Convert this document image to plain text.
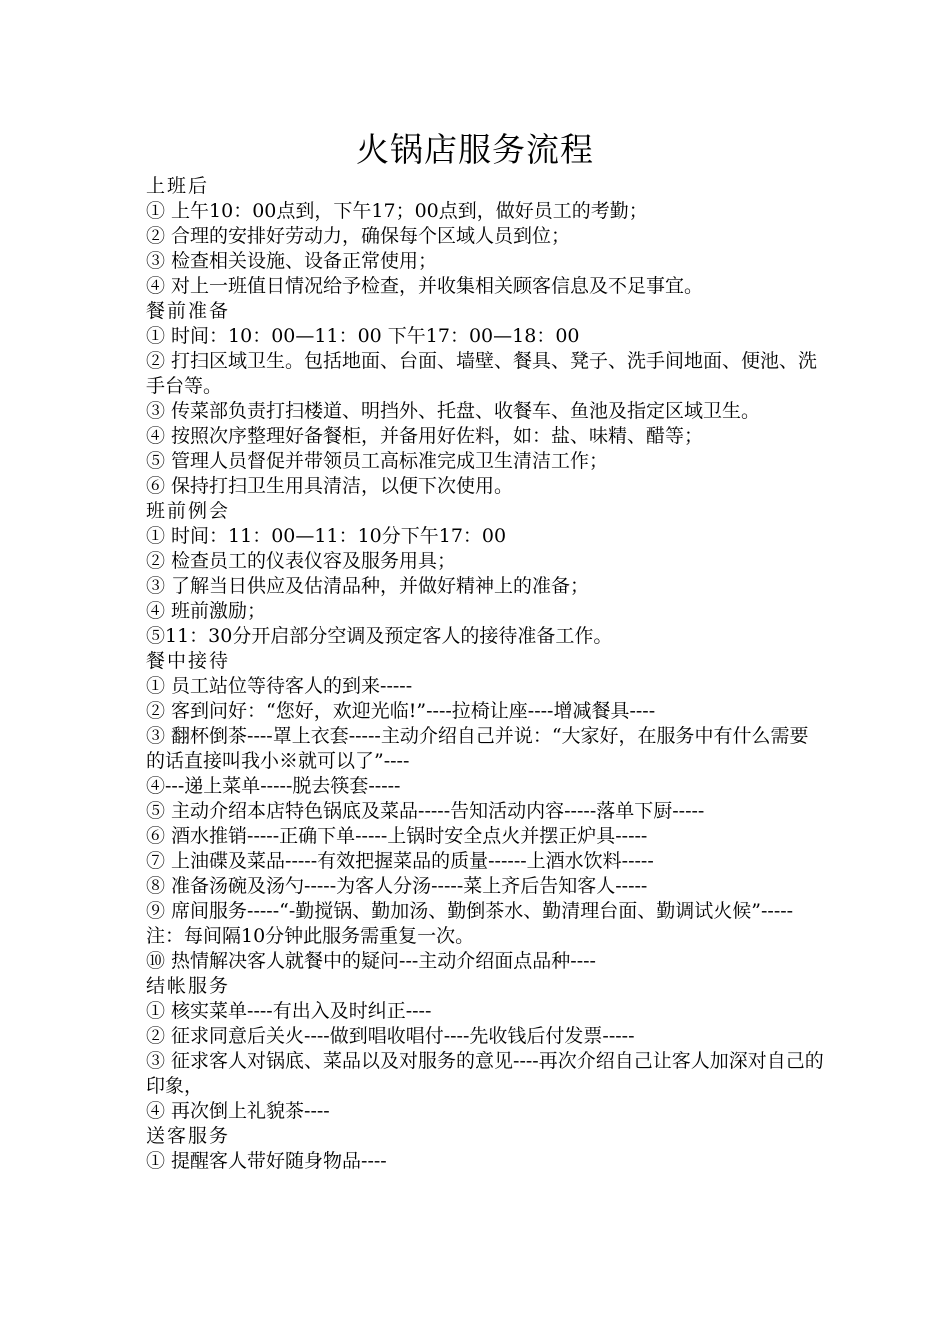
火锅店服务流程

上班后

① 上午10：00点到，下午17；00点到，做好员工的考勤；

② 合理的安排好劳动力，确保每个区域人员到位；

③ 检查相关设施、设备正常使用；

④ 对上一班值日情况给予检查，并收集相关顾客信息及不足事宜。

餐前准备

① 时间：10：00—11：00 下午17：00—18：00

② 打扫区域卫生。包括地面、台面、墙壁、餐具、凳子、洗手间地面、便池、洗手台等。

③ 传菜部负责打扫楼道、明挡外、托盘、收餐车、鱼池及指定区域卫生。

④ 按照次序整理好备餐柜，并备用好佐料，如：盐、味精、醋等；

⑤ 管理人员督促并带领员工高标准完成卫生清洁工作；

⑥ 保持打扫卫生用具清洁，以便下次使用。

班前例会

① 时间：11：00—11：10分下午17：00

② 检查员工的仪表仪容及服务用具；

③ 了解当日供应及估清品种，并做好精神上的准备；

④ 班前激励；

⑤11：30分开启部分空调及预定客人的接待准备工作。

餐中接待

① 员工站位等待客人的到来-----

② 客到问好：“您好，欢迎光临!”----拉椅让座----增减餐具----

③ 翻杯倒茶----罩上衣套-----主动介绍自己并说：“大家好，在服务中有什么需要的话直接叫我小※就可以了”----

④---递上菜单-----脱去筷套-----

⑤ 主动介绍本店特色锅底及菜品-----告知活动内容-----落单下厨-----

⑥ 酒水推销-----正确下单-----上锅时安全点火并摆正炉具-----

⑦ 上油碟及菜品-----有效把握菜品的质量------上酒水饮料-----

⑧ 准备汤碗及汤勺-----为客人分汤-----菜上齐后告知客人-----

⑨ 席间服务-----“-勤搅锅、勤加汤、勤倒茶水、勤清理台面、勤调试火候”-----

注：每间隔10分钟此服务需重复一次。

⑩ 热情解决客人就餐中的疑问---主动介绍面点品种----

结帐服务

① 核实菜单----有出入及时纠正----

② 征求同意后关火----做到唱收唱付----先收钱后付发票-----

③ 征求客人对锅底、菜品以及对服务的意见----再次介绍自己让客人加深对自己的印象，

④ 再次倒上礼貌茶----

送客服务

① 提醒客人带好随身物品----
